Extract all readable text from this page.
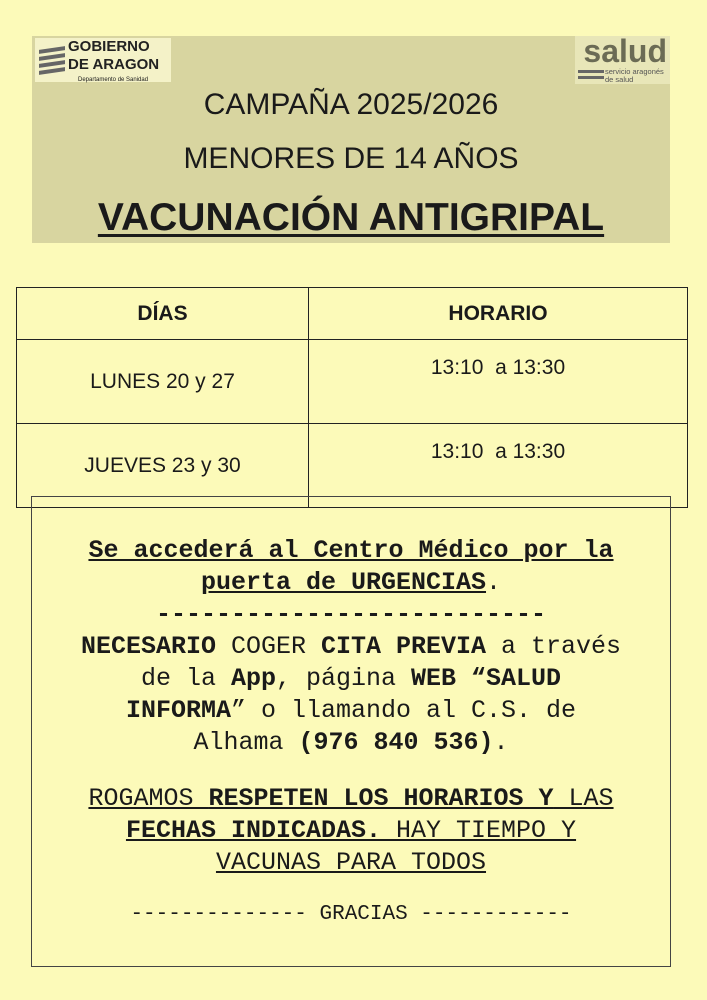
GOBIERNO
DE ARAGON
Departamento de Sanidad
salud
servicio aragonés
de salud
CAMPAÑA 2025/2026
MENORES DE 14 AÑOS
VACUNACIÓN ANTIGRIPAL
DÍAS	HORARIO
LUNES 20 y 27	13:10  a 13:30
JUEVES 23 y 30	13:10  a 13:30

Se accederá al Centro Médico por la

puerta de URGENCIAS.

--------------------------

NECESARIO COGER CITA PREVIA a través

de la App, página WEB “SALUD

INFORMA” o llamando al C.S. de

Alhama (976 840 536).

ROGAMOS RESPETEN LOS HORARIOS Y LAS

FECHAS INDICADAS. HAY TIEMPO Y

VACUNAS PARA TODOS

-------------- GRACIAS ------------
